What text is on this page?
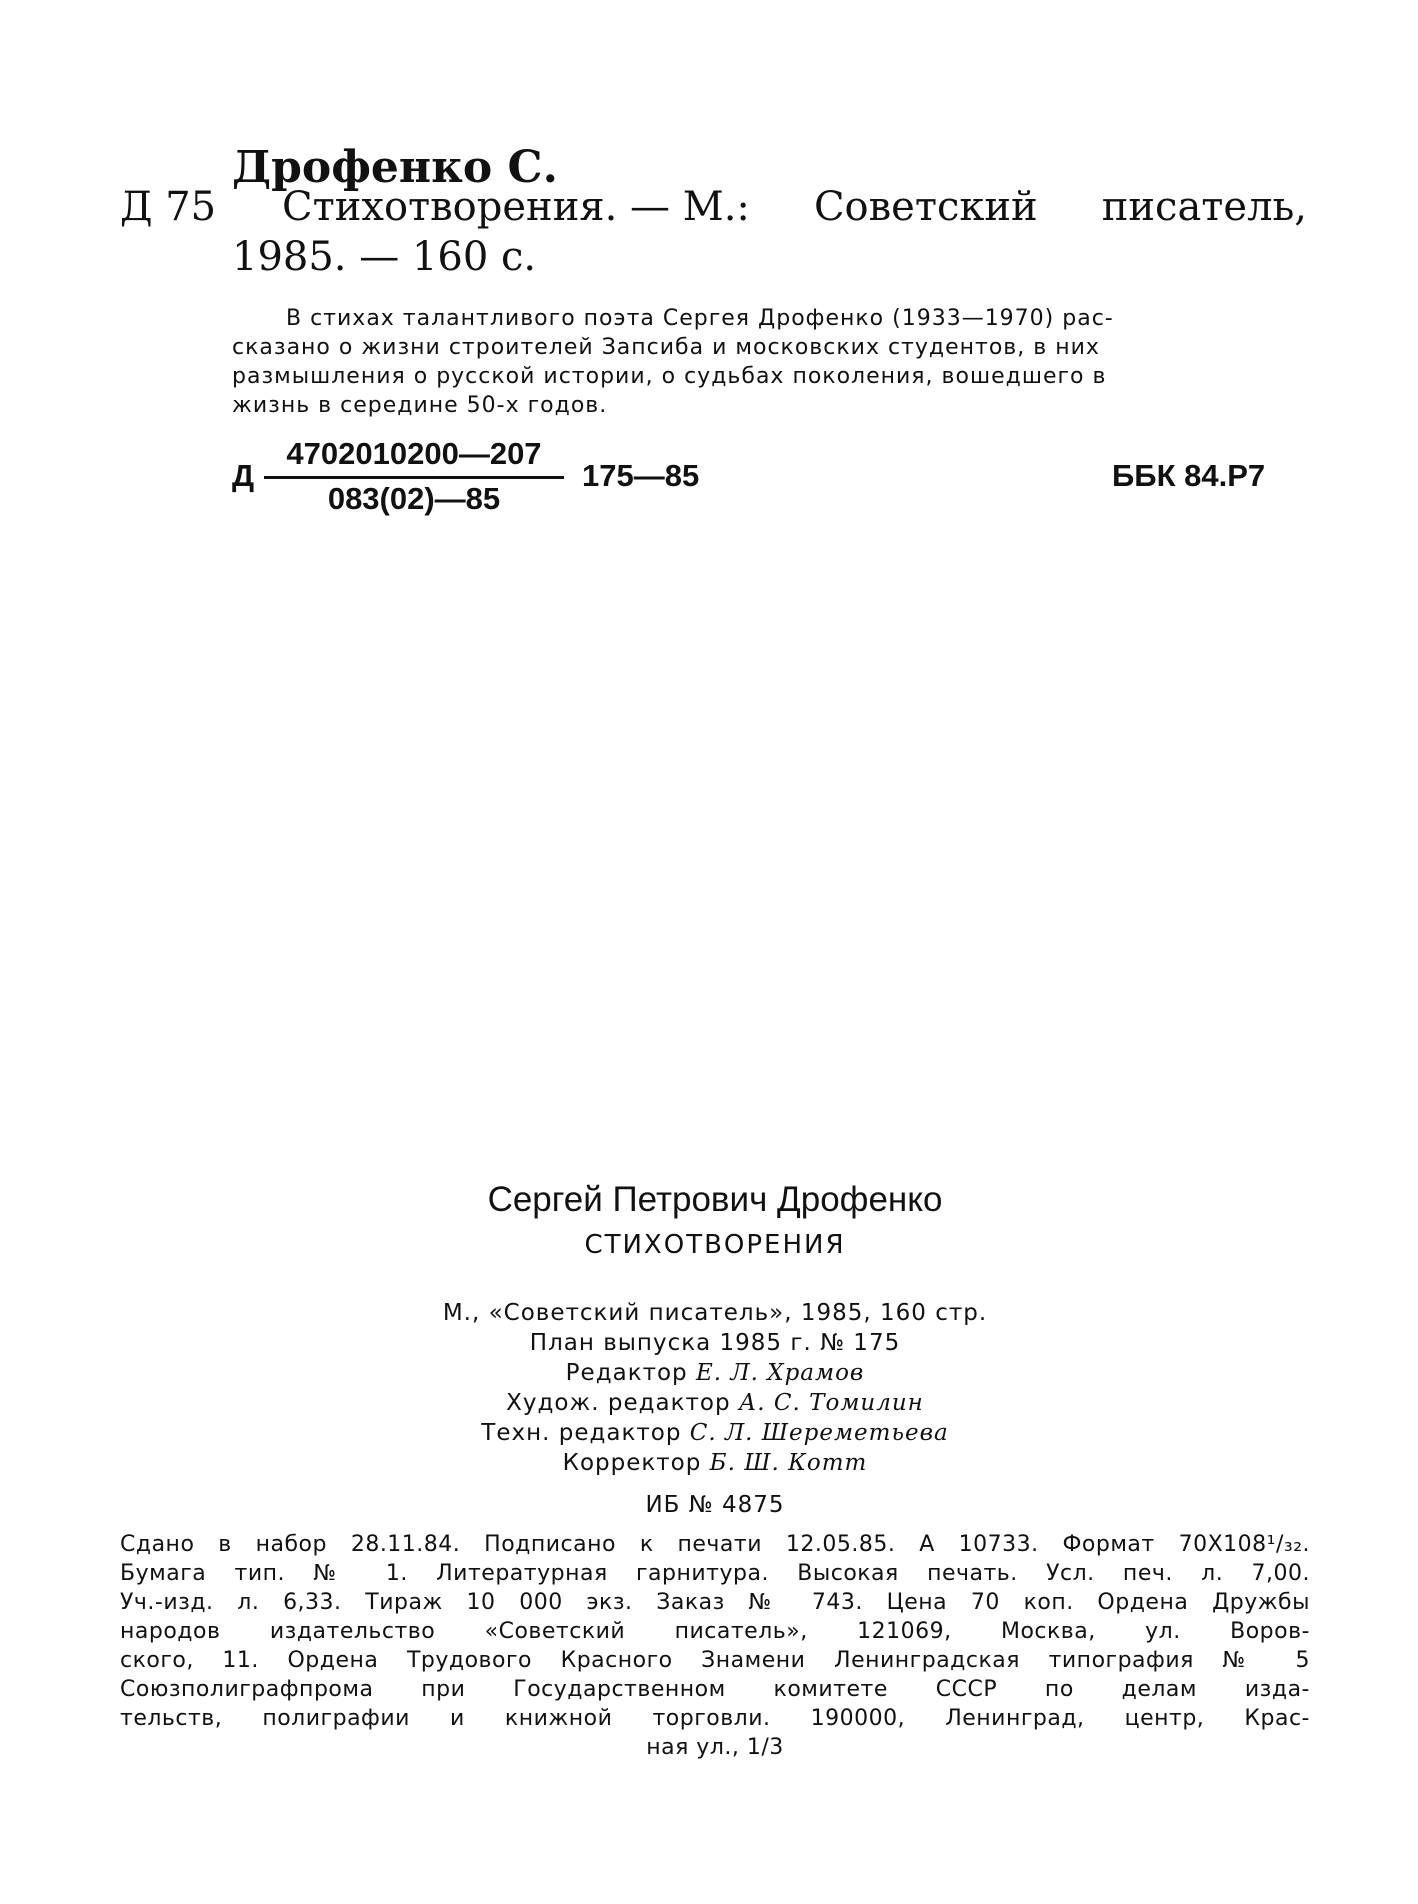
Дрофенко С.
Д 75 Стихотворения. — М.: Советский писатель,
1985. — 160 с.
В стихах талантливого поэта Сергея Дрофенко (1933—1970) рас-
сказано о жизни строителей Запсиба и московских студентов, в них
размышления о русской истории, о судьбах поколения, вошедшего в
жизнь в середине 50-х годов.
Д $\frac{4702010200—207}{083(02)—85}$ 175—85	ББК 84.Р7
Сергей Петрович Дрофенко
СТИХОТВОРЕНИЯ
М., «Советский писатель», 1985, 160 стр.
План выпуска 1985 г. № 175
Редактор Е. Л. Храмов
Худож. редактор А. С. Томилин
Техн. редактор С. Л. Шереметьева
Корректор Б. Ш. Котт
ИБ № 4875
Сдано в набор 28.11.84. Подписано к печати 12.05.85. А 10733. Формат 70Х108¹/₃₂.
Бумага тип. № 1. Литературная гарнитура. Высокая печать. Усл. печ. л. 7,00.
Уч.-изд. л. 6,33. Тираж 10 000 экз. Заказ № 743. Цена 70 коп. Ордена Дружбы
народов издательство «Советский писатель», 121069, Москва, ул. Воров-
ского, 11. Ордена Трудового Красного Знамени Ленинградская типография № 5
Союзполиграфпрома при Государственном комитете СССР по делам изда-
тельств, полиграфии и книжной торговли. 190000, Ленинград, центр, Крас-
ная ул., 1/3
